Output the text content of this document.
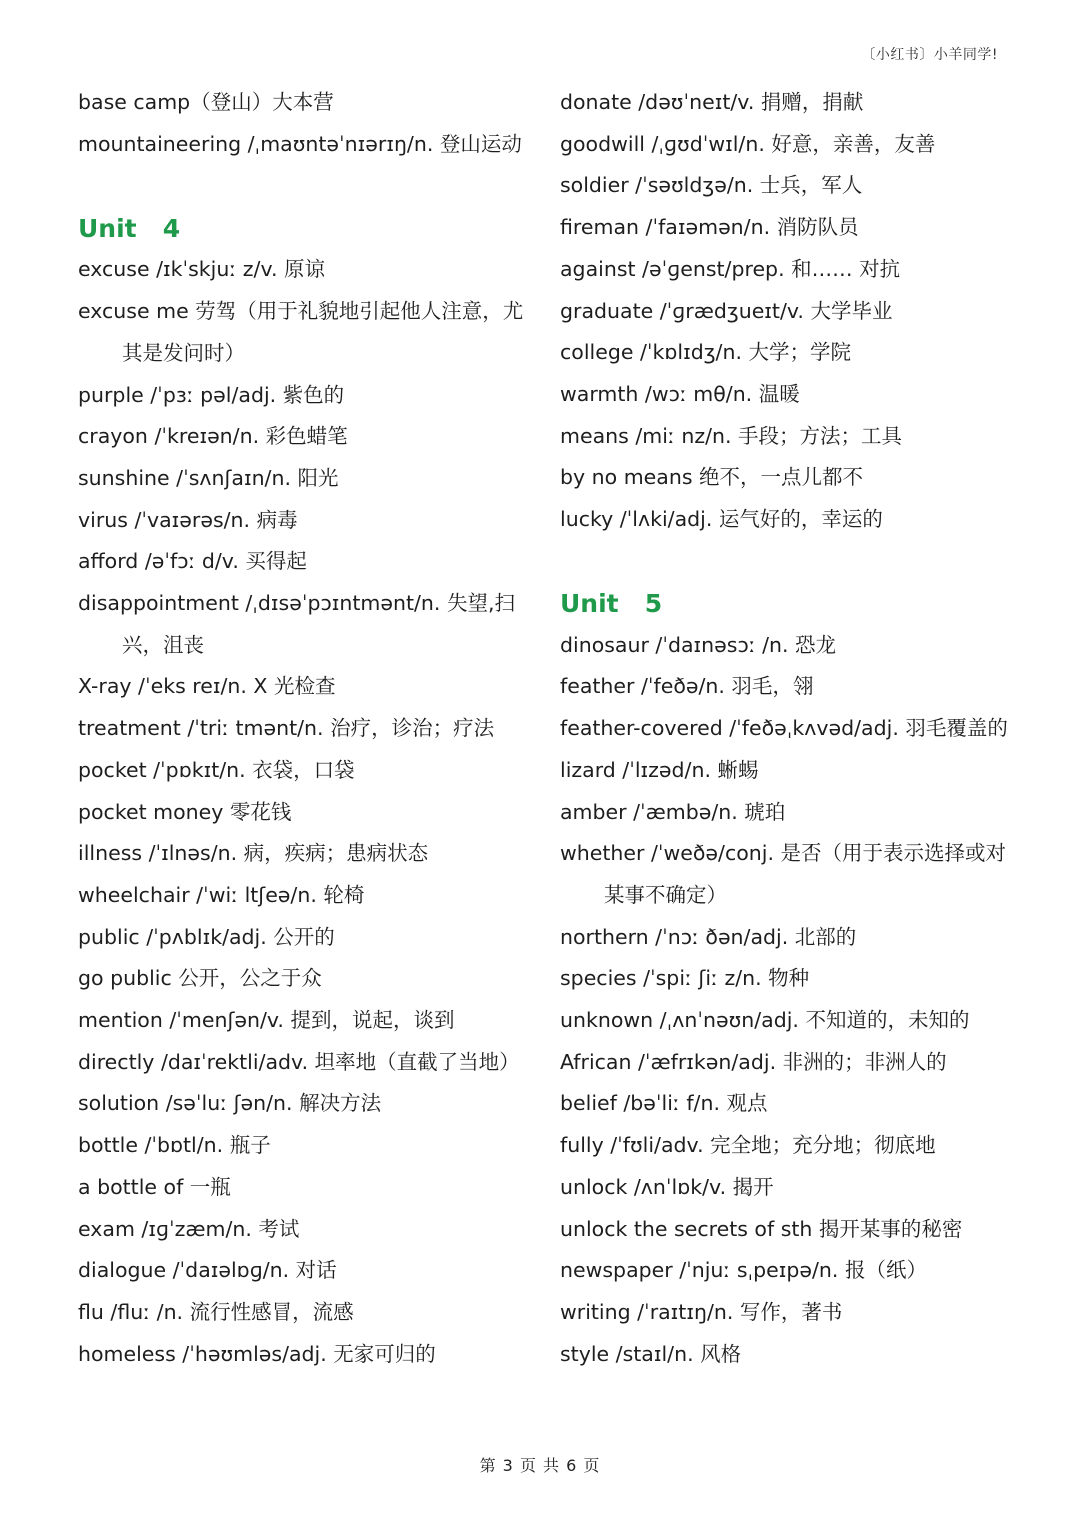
〔小红书〕小羊同学!
base camp（登山）大本营
mountaineering /ˌmaʊntəˈnɪərɪŋ/n. 登山运动
Unit   4
excuse /ɪkˈskjuː z/v. 原谅
excuse me 劳驾（用于礼貌地引起他人注意，尤其是发问时）
purple /ˈpɜː pəl/adj. 紫色的
crayon /ˈkreɪən/n. 彩色蜡笔
sunshine /ˈsʌnʃaɪn/n. 阳光
virus /ˈvaɪərəs/n. 病毒
afford /əˈfɔː d/v. 买得起
disappointment /ˌdɪsəˈpɔɪntmənt/n. 失望,扫兴，沮丧
X-ray /ˈeks reɪ/n. X 光检查
treatment /ˈtriː tmənt/n. 治疗，诊治；疗法
pocket /ˈpɒkɪt/n. 衣袋，口袋
pocket money 零花钱
illness /ˈɪlnəs/n. 病，疾病；患病状态
wheelchair /ˈwiː ltʃeə/n. 轮椅
public /ˈpʌblɪk/adj. 公开的
go public 公开，公之于众
mention /ˈmenʃən/v. 提到，说起，谈到
directly /daɪˈrektli/adv. 坦率地（直截了当地）
solution /səˈluː ʃən/n. 解决方法
bottle /ˈbɒtl/n. 瓶子
a bottle of 一瓶
exam /ɪɡˈzæm/n. 考试
dialogue /ˈdaɪəlɒɡ/n. 对话
flu /fluː /n. 流行性感冒，流感
homeless /ˈhəʊmləs/adj. 无家可归的
donate /dəʊˈneɪt/v. 捐赠，捐献
goodwill /ˌɡʊdˈwɪl/n. 好意，亲善，友善
soldier /ˈsəʊldʒə/n. 士兵，军人
fireman /ˈfaɪəmən/n. 消防队员
against /əˈɡenst/prep. 和…… 对抗
graduate /ˈɡrædʒueɪt/v. 大学毕业
college /ˈkɒlɪdʒ/n. 大学；学院
warmth /wɔː mθ/n. 温暖
means /miː nz/n. 手段；方法；工具
by no means 绝不，一点儿都不
lucky /ˈlʌki/adj. 运气好的，幸运的
Unit   5
dinosaur /ˈdaɪnəsɔː /n. 恐龙
feather /ˈfeðə/n. 羽毛，翎
feather-covered /ˈfeðəˌkʌvəd/adj. 羽毛覆盖的
lizard /ˈlɪzəd/n. 蜥蜴
amber /ˈæmbə/n. 琥珀
whether /ˈweðə/conj. 是否（用于表示选择或对某事不确定）
northern /ˈnɔː ðən/adj. 北部的
species /ˈspiː ʃiː z/n. 物种
unknown /ˌʌnˈnəʊn/adj. 不知道的，未知的
African /ˈæfrɪkən/adj. 非洲的；非洲人的
belief /bəˈliː f/n. 观点
fully /ˈfʊli/adv. 完全地；充分地；彻底地
unlock /ʌnˈlɒk/v. 揭开
unlock the secrets of sth 揭开某事的秘密
newspaper /ˈnjuː sˌpeɪpə/n. 报（纸）
writing /ˈraɪtɪŋ/n. 写作，著书
style /staɪl/n. 风格
第 3 页 共 6 页
